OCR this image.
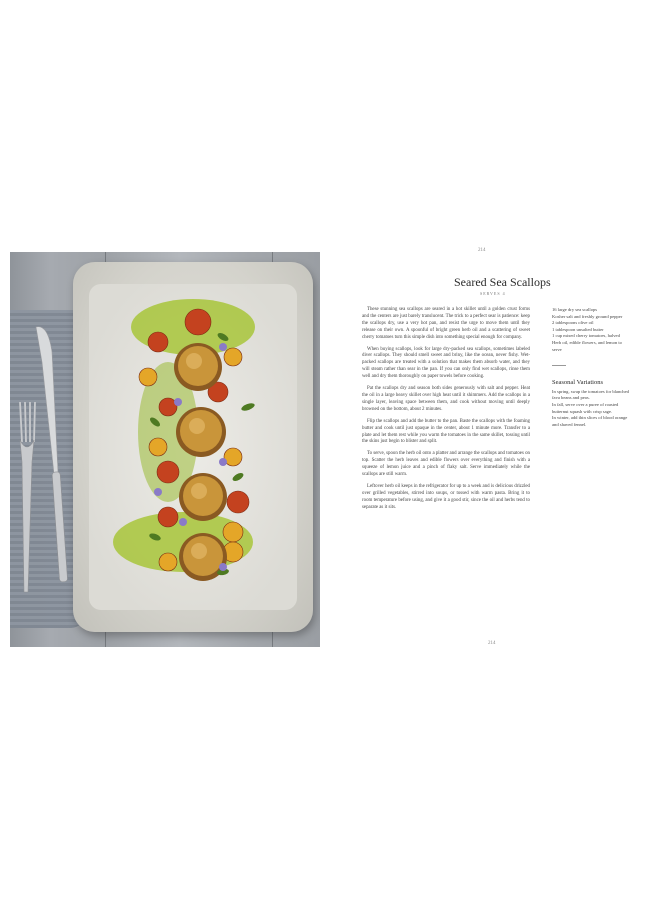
214
Seared Sea Scallops
SERVES 4

These stunning sea scallops are seared in a hot skillet until a golden crust forms and the centers are just barely translucent. The trick to a perfect sear is patience: keep the scallops dry, use a very hot pan, and resist the urge to move them until they release on their own. A spoonful of bright green herb oil and a scattering of sweet cherry tomatoes turn this simple dish into something special enough for company.

When buying scallops, look for large dry-packed sea scallops, sometimes labeled diver scallops. They should smell sweet and briny, like the ocean, never fishy. Wet-packed scallops are treated with a solution that makes them absorb water, and they will steam rather than sear in the pan. If you can only find wet scallops, rinse them well and dry them thoroughly on paper towels before cooking.

Pat the scallops dry and season both sides generously with salt and pepper. Heat the oil in a large heavy skillet over high heat until it shimmers. Add the scallops in a single layer, leaving space between them, and cook without moving until deeply browned on the bottom, about 2 minutes.

Flip the scallops and add the butter to the pan. Baste the scallops with the foaming butter and cook until just opaque in the center, about 1 minute more. Transfer to a plate and let them rest while you warm the tomatoes in the same skillet, tossing until the skins just begin to blister and split.

To serve, spoon the herb oil onto a platter and arrange the scallops and tomatoes on top. Scatter the herb leaves and edible flowers over everything and finish with a squeeze of lemon juice and a pinch of flaky salt. Serve immediately while the scallops are still warm.

Leftover herb oil keeps in the refrigerator for up to a week and is delicious drizzled over grilled vegetables, stirred into soups, or tossed with warm pasta. Bring it to room temperature before using, and give it a good stir, since the oil and herbs tend to separate as it sits.

16 large dry sea scallops

Kosher salt and freshly ground pepper

2 tablespoons olive oil

1 tablespoon unsalted butter

1 cup mixed cherry tomatoes, halved

Herb oil, edible flowers, and lemon to serve

Seasonal Variations

In spring, swap the tomatoes for blanched fava beans and peas.

In fall, serve over a puree of roasted butternut squash with crisp sage.

In winter, add thin slices of blood orange and shaved fennel.

214
